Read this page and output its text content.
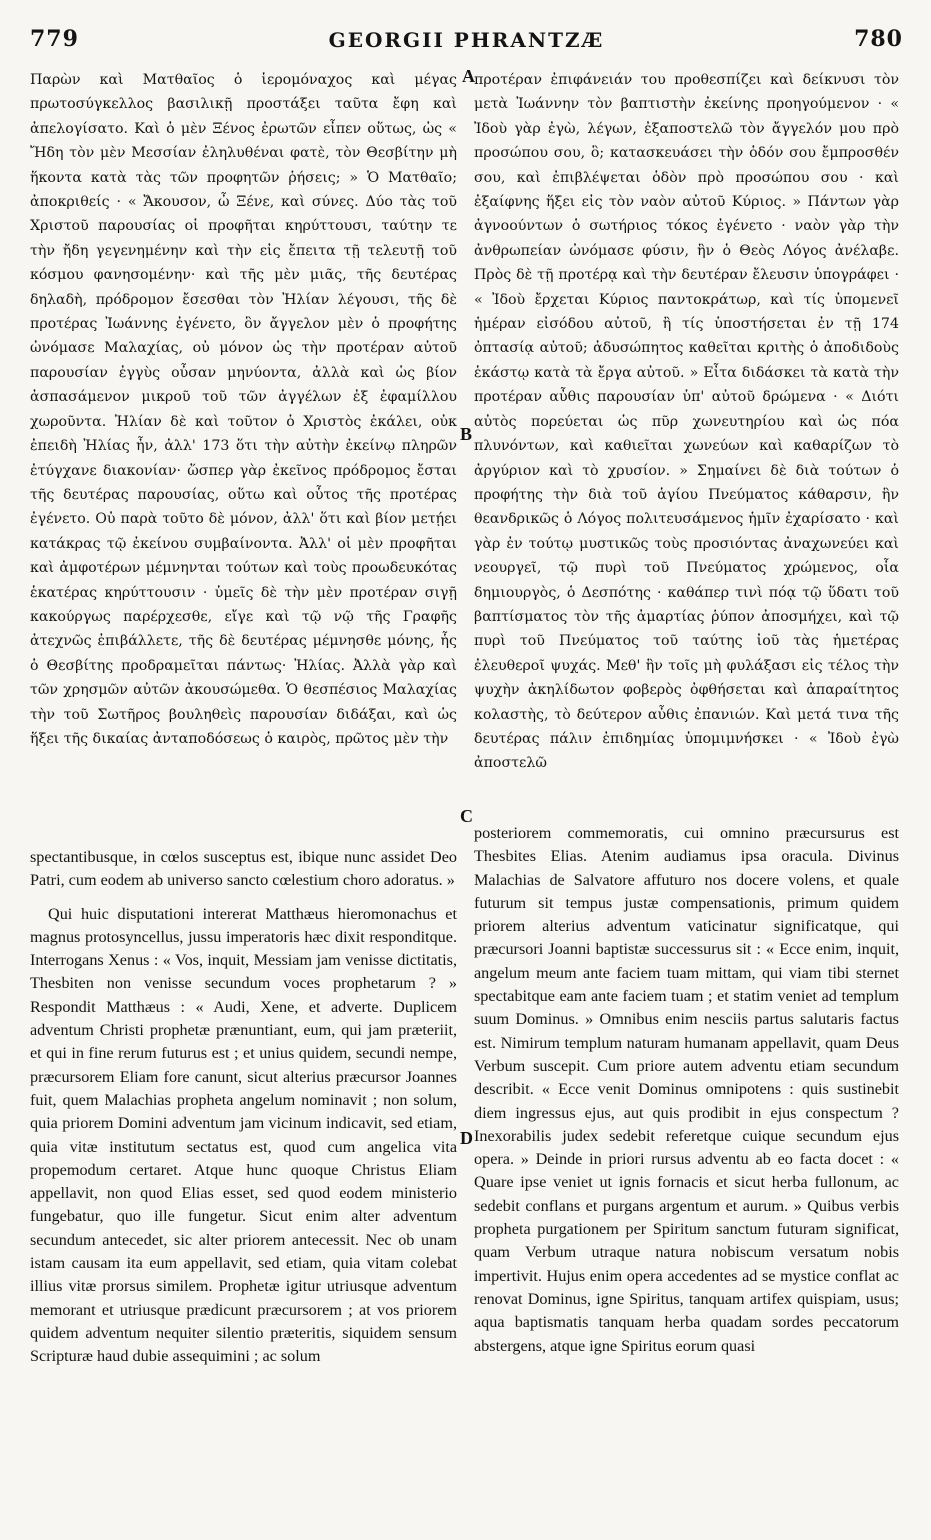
779	GEORGII PHRANTZÆ	780

Παρὼν καὶ Ματθαῖος ὁ ἱερομόναχος καὶ μέγας πρωτοσύγκελλος βασιλικῇ προστάξει ταῦτα ἔφη καὶ ἀπελογίσατο. Καὶ ὁ μὲν Ξένος ἐρωτῶν εἶπεν οὕτως, ὡς « Ἤδη τὸν μὲν Μεσσίαν ἐληλυθέναι φατὲ, τὸν Θεσβίτην μὴ ἥκοντα κατὰ τὰς τῶν προφητῶν ῥήσεις; » Ὁ Ματθαῖο; ἀποκριθείς · « Ἄκουσον, ὦ Ξένε, καὶ σύνες. Δύο τὰς τοῦ Χριστοῦ παρουσίας οἱ προφῆται κηρύττουσι, ταύτην τε τὴν ἤδη γεγενημένην καὶ τὴν εἰς ἔπειτα τῇ τελευτῇ τοῦ κόσμου φανησομένην· καὶ τῆς μὲν μιᾶς, τῆς δευτέρας δηλαδὴ, πρόδρομον ἔσεσθαι τὸν Ἠλίαν λέγουσι, τῆς δὲ προτέρας Ἰωάννης ἐγένετο, ὃν ἄγγελον μὲν ὁ προφήτης ὠνόμασε Μαλαχίας, οὐ μόνον ὡς τὴν προτέραν αὐτοῦ παρουσίαν ἐγγὺς οὖσαν μηνύοντα, ἀλλὰ καὶ ὡς βίον ἀσπασάμενον μικροῦ τοῦ τῶν ἀγγέλων ἐξ ἐφαμίλλου χωροῦντα. Ἠλίαν δὲ καὶ τοῦτον ὁ Χριστὸς ἐκάλει, οὐκ ἐπειδὴ Ἠλίας ἦν, ἀλλ' 173 ὅτι τὴν αὐτὴν ἐκείνῳ πληρῶν ἐτύγχανε διακονίαν· ὥσπερ γὰρ ἐκεῖνος πρόδρομος ἔσται τῆς δευτέρας παρουσίας, οὕτω καὶ οὗτος τῆς προτέρας ἐγένετο. Οὐ παρὰ τοῦτο δὲ μόνον, ἀλλ' ὅτι καὶ βίον μετῄει κατάκρας τῷ ἐκείνου συμβαίνοντα. Ἀλλ' οἱ μὲν προφῆται καὶ ἀμφοτέρων μέμνηνται τούτων καὶ τοὺς προωδευκότας ἑκατέρας κηρύττουσιν · ὑμεῖς δὲ τὴν μὲν προτέραν σιγῇ κακούργως παρέρχεσθε, εἴγε καὶ τῷ νῷ τῆς Γραφῆς ἀτεχνῶς ἐπιβάλλετε, τῆς δὲ δευτέρας μέμνησθε μόνης, ἧς ὁ Θεσβίτης προδραμεῖται πάντως· Ἠλίας. Ἀλλὰ γὰρ καὶ τῶν χρησμῶν αὐτῶν ἀκουσώμεθα. Ὁ θεσπέσιος Μαλαχίας τὴν τοῦ Σωτῆρος βουληθεὶς παρουσίαν διδάξαι, καὶ ὡς ἥξει τῆς δικαίας ἀνταποδόσεως ὁ καιρὸς, πρῶτος μὲν τὴν

προτέραν ἐπιφάνειάν του προθεσπίζει καὶ δείκνυσι τὸν μετὰ Ἰωάννην τὸν βαπτιστὴν ἐκείνης προηγούμενον · « Ἰδοὺ γὰρ ἐγὼ, λέγων, ἐξαποστελῶ τὸν ἄγγελόν μου πρὸ προσώπου σου, ὃ; κατασκευάσει τὴν ὁδόν σου ἔμπροσθέν σου, καὶ ἐπιβλέψεται ὁδὸν πρὸ προσώπου σου · καὶ ἐξαίφνης ἥξει εἰς τὸν ναὸν αὐτοῦ Κύριος. » Πάντων γὰρ ἀγνοούντων ὁ σωτήριος τόκος ἐγένετο · ναὸν γὰρ τὴν ἀνθρωπείαν ὠνόμασε φύσιν, ἣν ὁ Θεὸς Λόγος ἀνέλαβε. Πρὸς δὲ τῇ προτέρᾳ καὶ τὴν δευτέραν ἔλευσιν ὑπογράφει · « Ἰδοὺ ἔρχεται Κύριος παντοκράτωρ, καὶ τίς ὑπομενεῖ ἡμέραν εἰσόδου αὐτοῦ, ἢ τίς ὑποστήσεται ἐν τῇ 174 ὀπτασίᾳ αὐτοῦ; ἀδυσώπητος καθεῖται κριτὴς ὁ ἀποδιδοὺς ἑκάστῳ κατὰ τὰ ἔργα αὐτοῦ. » Εἶτα διδάσκει τὰ κατὰ τὴν προτέραν αὖθις παρουσίαν ὑπ' αὐτοῦ δρώμενα · « Διότι αὐτὸς πορεύεται ὡς πῦρ χωνευτηρίου καὶ ὡς πόα πλυνόντων, καὶ καθιεῖται χωνεύων καὶ καθαρίζων τὸ ἀργύριον καὶ τὸ χρυσίον. » Σημαίνει δὲ διὰ τούτων ὁ προφήτης τὴν διὰ τοῦ ἁγίου Πνεύματος κάθαρσιν, ἣν θεανδρικῶς ὁ Λόγος πολιτευσάμενος ἡμῖν ἐχαρίσατο · καὶ γὰρ ἐν τούτῳ μυστικῶς τοὺς προσιόντας ἀναχωνεύει καὶ νεουργεῖ, τῷ πυρὶ τοῦ Πνεύματος χρώμενος, οἷα δημιουργὸς, ὁ Δεσπότης · καθάπερ τινὶ πόᾳ τῷ ὕδατι τοῦ βαπτίσματος τὸν τῆς ἁμαρτίας ῥύπον ἀποσμήχει, καὶ τῷ πυρὶ τοῦ Πνεύματος τοῦ ταύτης ἰοῦ τὰς ἡμετέρας ἐλευθεροῖ ψυχάς. Μεθ' ἣν τοῖς μὴ φυλάξασι εἰς τέλος τὴν ψυχὴν ἀκηλίδωτον φοβερὸς ὀφθήσεται καὶ ἀπαραίτητος κολαστὴς, τὸ δεύτερον αὖθις ἐπανιών. Καὶ μετά τινα τῆς δευτέρας πάλιν ἐπιδημίας ὑπομιμνήσκει · « Ἰδοὺ ἐγὼ ἀποστελῶ

A
B
C
D

spectantibusque, in cœlos susceptus est, ibique nunc assidet Deo Patri, cum eodem ab universo sancto cœlestium choro adoratus. »

Qui huic disputationi intererat Matthæus hieromonachus et magnus protosyncellus, jussu imperatoris hæc dixit responditque. Interrogans Xenus : « Vos, inquit, Messiam jam venisse dictitatis, Thesbiten non venisse secundum voces prophetarum ? » Respondit Matthæus : « Audi, Xene, et adverte. Duplicem adventum Christi prophetæ prænuntiant, eum, qui jam præteriit, et qui in fine rerum futurus est ; et unius quidem, secundi nempe, præcursorem Eliam fore canunt, sicut alterius præcursor Joannes fuit, quem Malachias propheta angelum nominavit ; non solum, quia priorem Domini adventum jam vicinum indicavit, sed etiam, quia vitæ institutum sectatus est, quod cum angelica vita propemodum certaret. Atque hunc quoque Christus Eliam appellavit, non quod Elias esset, sed quod eodem ministerio fungebatur, quo ille fungetur. Sicut enim alter adventum secundum antecedet, sic alter priorem antecessit. Nec ob unam istam causam ita eum appellavit, sed etiam, quia vitam colebat illius vitæ prorsus similem. Prophetæ igitur utriusque adventum memorant et utriusque prædicunt præcursorem ; at vos priorem quidem adventum nequiter silentio præteritis, siquidem sensum Scripturæ haud dubie assequimini ; ac solum

posteriorem commemoratis, cui omnino præcursurus est Thesbites Elias. Atenim audiamus ipsa oracula. Divinus Malachias de Salvatore affuturo nos docere volens, et quale futurum sit tempus justæ compensationis, primum quidem priorem alterius adventum vaticinatur significatque, qui præcursori Joanni baptistæ successurus sit : « Ecce enim, inquit, angelum meum ante faciem tuam mittam, qui viam tibi sternet spectabitque eam ante faciem tuam ; et statim veniet ad templum suum Dominus. » Omnibus enim nesciis partus salutaris factus est. Nimirum templum naturam humanam appellavit, quam Deus Verbum suscepit. Cum priore autem adventu etiam secundum describit. « Ecce venit Dominus omnipotens : quis sustinebit diem ingressus ejus, aut quis prodibit in ejus conspectum ? Inexorabilis judex sedebit referetque cuique secundum ejus opera. » Deinde in priori rursus adventu ab eo facta docet : « Quare ipse veniet ut ignis fornacis et sicut herba fullonum, ac sedebit conflans et purgans argentum et aurum. » Quibus verbis propheta purgationem per Spiritum sanctum futuram significat, quam Verbum utraque natura nobiscum versatum nobis impertivit. Hujus enim opera accedentes ad se mystice conflat ac renovat Dominus, igne Spiritus, tanquam artifex quispiam, usus; aqua baptismatis tanquam herba quadam sordes peccatorum abstergens, atque igne Spiritus eorum quasi
